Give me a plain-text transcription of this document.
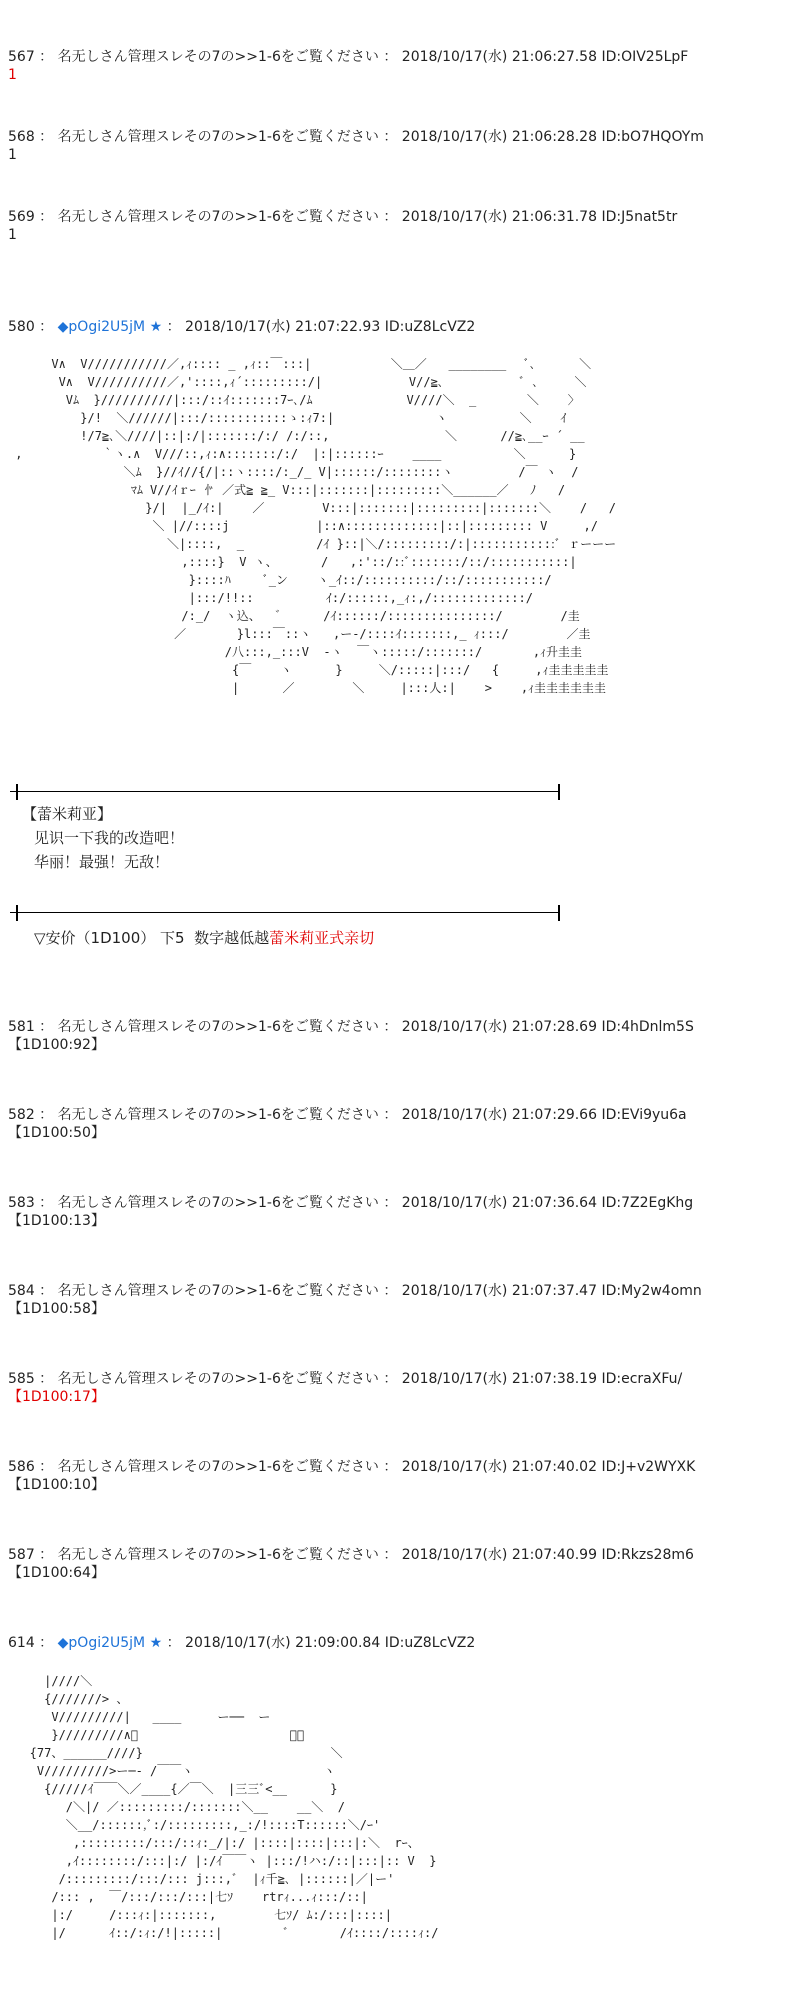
567 ： 名无しさん管理スレその7の>>1-6をご覧ください ： 2018/10/17(水) 21:06:27.58 ID:OIV25LpF
1
568 ： 名无しさん管理スレその7の>>1-6をご覧ください ： 2018/10/17(水) 21:06:28.28 ID:bO7HQOYm
1
569 ： 名无しさん管理スレその7の>>1-6をご覧ください ： 2018/10/17(水) 21:06:31.78 ID:J5nat5tr
1
580 ： ◆pOgi2U5jM ★ ： 2018/10/17(水) 21:07:22.93 ID:uZ8LcVZ2
V∧  V///////////／,ｨ:::: _ ,ｨ::￣:::|           ＼＿／   ________   ﾞ､      ＼
V∧  V//////////／,'::::,ｨ´:::::::::/|            V//≧､           ﾞ ､     ＼
Vﾑ  }//////////|:::/::ｲ:::::::7ｰ､/ﾑ             V////＼  _       ＼    〉
}/!  ＼//////|:::/:::::::::::ゝ:ｨ7:|              ヽ          ＼    ｲ
!/7≧､＼////|::|:/|:::::::/:/ /:/::,                ＼      //≧､__ｰ ´ __
,           ｀ヽ.∧  V///::,ｨ:∧:::::::/:/  |:|::::::ｰ    ____          ＼      }
＼ﾑ  }//ｲ//{/|::ヽ::::/:_/_ V|::::::/::::::::ヽ         /￣ ヽ  /
ﾏﾑ V//ｲｒｰ 㣺 ／式≧ ≧_ V:::|:::::::|:::::::::＼______／   ﾉ   /
}/|  |_/ｲ:|    ／        V:::|:::::::|:::::::::|:::::::＼    /   /
＼ |//::::j            |::∧:::::::::::::|::|::::::::: V     ,/
＼|::::,  _          /ｲ }::|＼/:::::::::/:|::::::::::::ﾞ ｒーーー
,::::}  V ヽ、      /   ,:'::/::ﾞ:::::::/::/:::::::::::|
}::::ﾊ     ﾞ_ン    ヽ_ｲ::/::::::::::/::/:::::::::::/
|:::/!!::          ｲ:/::::::,_ｨ:,/:::::::::::::/
/:_/  ヽ込、  ゛     /ｲ::::::/:::::::::::::::/        /圭
／       }l:::￣::ヽ   ,ー-/::::ｲ:::::::,_ ｨ:::/        ／圭
/八:::,_:::V  -ヽ  ￣ヽ:::::/:::::::/       ,ｨ升圭圭
{￣    ヽ      }     ＼/:::::|:::/   {     ,ｨ圭圭圭圭圭
|      ／        ＼     |:::人:|    >    ,ｨ圭圭圭圭圭圭
【蕾米莉亚】
见识一下我的改造吧！
华丽！最强！无敌！
▽安价（1D100） 下5  数字越低越蕾米莉亚式亲切
581 ： 名无しさん管理スレその7の>>1-6をご覧ください ： 2018/10/17(水) 21:07:28.69 ID:4hDnlm5S
【1D100:92】
582 ： 名无しさん管理スレその7の>>1-6をご覧ください ： 2018/10/17(水) 21:07:29.66 ID:EVi9yu6a
【1D100:50】
583 ： 名无しさん管理スレその7の>>1-6をご覧ください ： 2018/10/17(水) 21:07:36.64 ID:7Z2EgKhg
【1D100:13】
584 ： 名无しさん管理スレその7の>>1-6をご覧ください ： 2018/10/17(水) 21:07:37.47 ID:My2w4omn
【1D100:58】
585 ： 名无しさん管理スレその7の>>1-6をご覧ください ： 2018/10/17(水) 21:07:38.19 ID:ecraXFu/
【1D100:17】
586 ： 名无しさん管理スレその7の>>1-6をご覧ください ： 2018/10/17(水) 21:07:40.02 ID:J+v2WYXK
【1D100:10】
587 ： 名无しさん管理スレその7の>>1-6をご覧ください ： 2018/10/17(水) 21:07:40.99 ID:Rkzs28m6
【1D100:64】
614 ： ◆pOgi2U5jM ★ ： 2018/10/17(水) 21:09:00.84 ID:uZ8LcVZ2
|////＼
{///////> 、
V/////////|   ____     ー──  ー
}/////////∧ﾞ                     ｰ、
{77、______////}                          ＼
V/////////>ー─- /￣￣ヽ                  ヽ
{/////ｲ￣￣＼／____{／￣＼  |三三ﾞ<__      }
/＼|/ ／:::::::::/:::::::＼__    __＼  /
＼__/::::::,ﾞ:/:::::::::,_:/!::::T::::::＼/ｰ'
,:::::::::/:::/::ｨ:_/|:/ |::::|::::|:::|:＼  rｰ、
,ｲ::::::::/:::|:/ |:/ｲ￣￣ヽ |:::/!ハ:/::|:::|:: V  }
/:::::::::/:::/::: j:::,ﾞ  |ｨ千≧､ |::::::|／|ー'
/::: ,  ￣/:::/:::/:::|七ｿ    rtrｨ...ｨ:::/::|
|:/     /:::ｨ:|:::::::,        七ｿ/ ﾑ:/:::|::::|
|/      ｲ::/:ｨ:/!|:::::|         ﾞ       /ｲ::::/::::ｨ:/
